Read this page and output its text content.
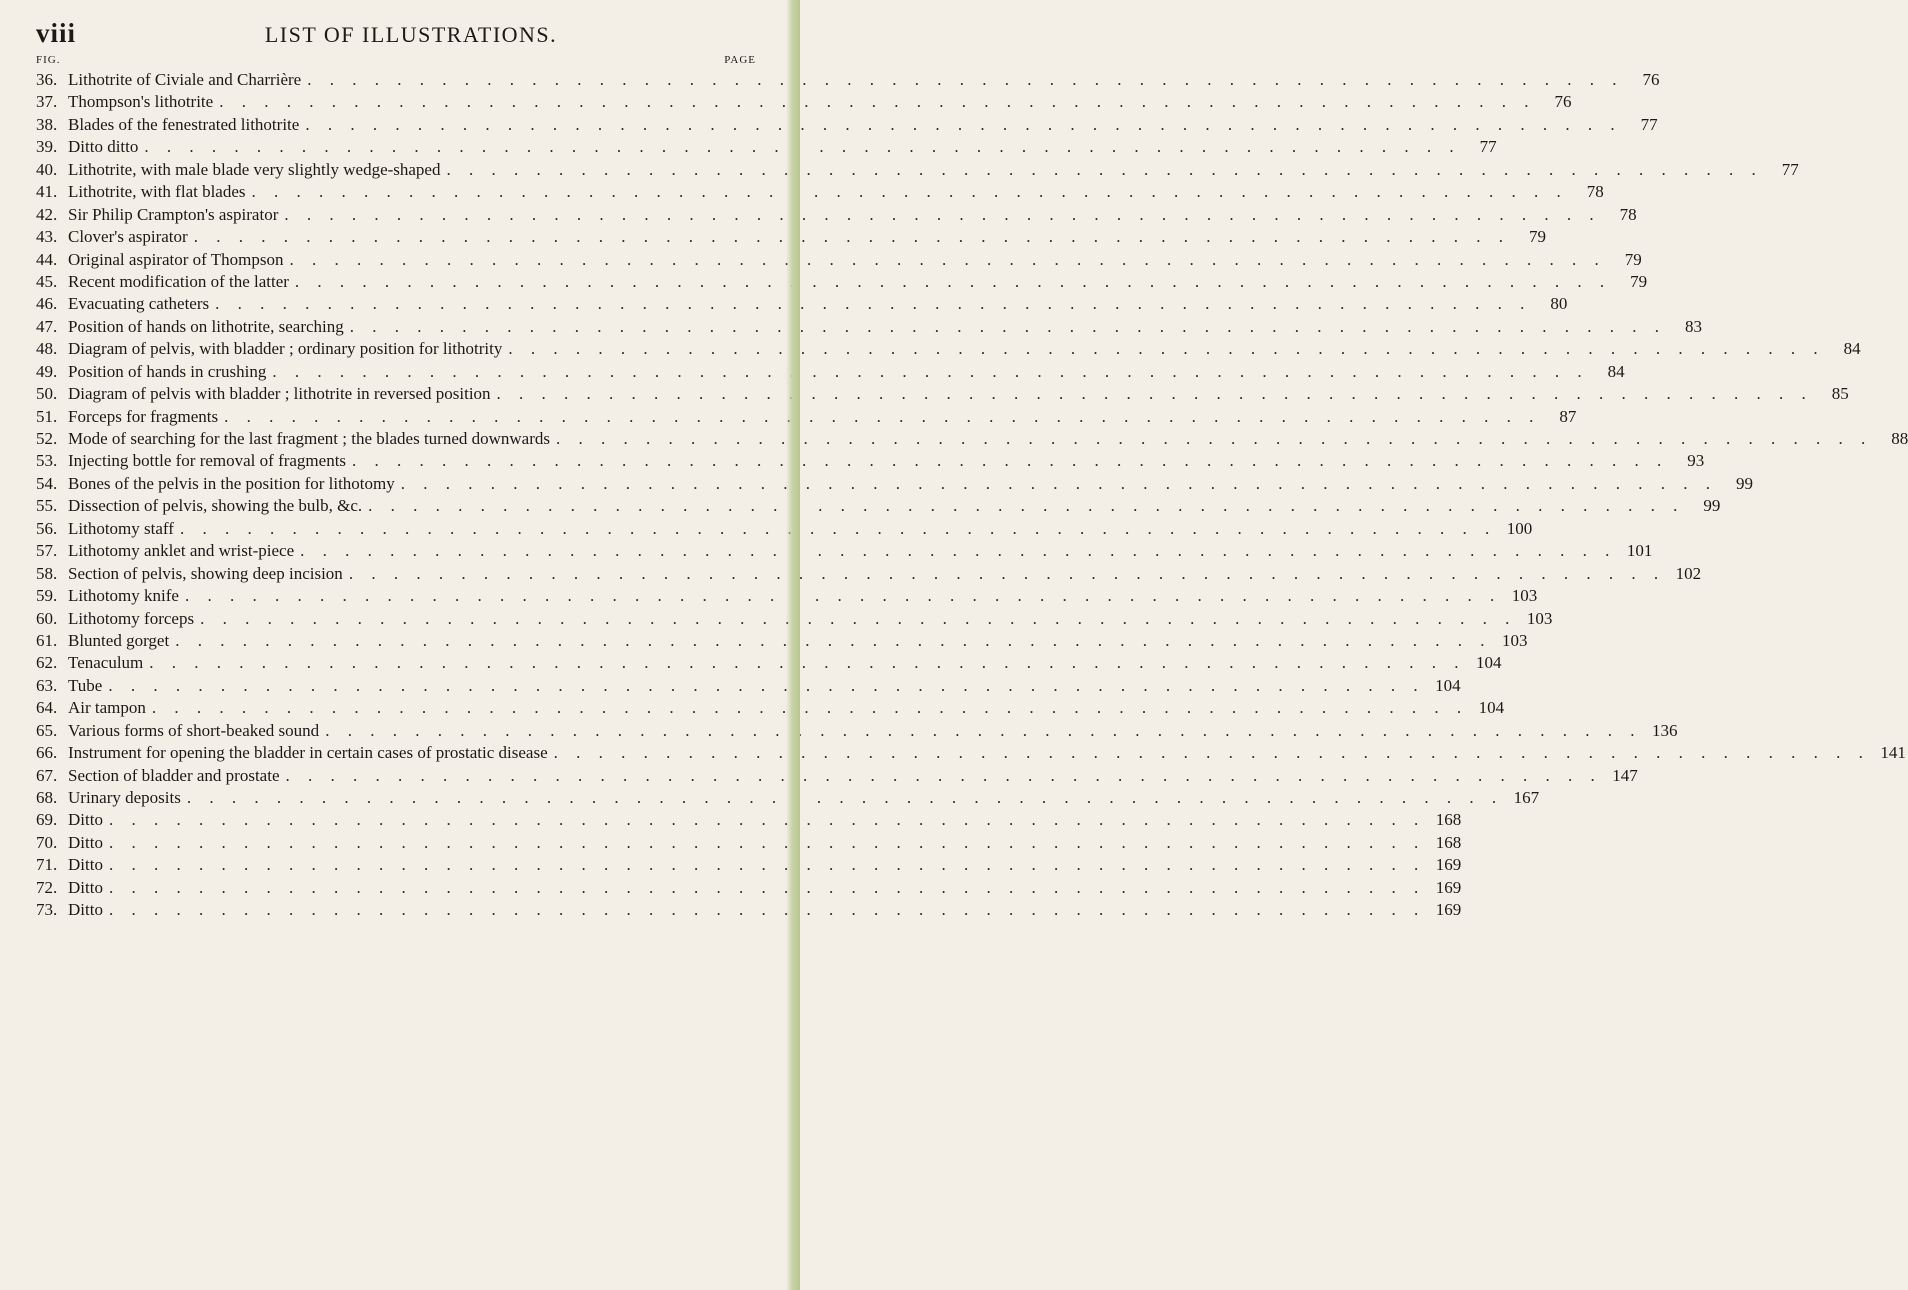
viii	LIST OF ILLUSTRATIONS.
FIG.	PAGE
36. Lithotrite of Civiale and Charrière . . .	76
37. Thompson's lithotrite . . .	76
38. Blades of the fenestrated lithotrite . . .	77
39. Ditto ditto . . .	77
40. Lithotrite, with male blade very slightly wedge-shaped . . .	77
41. Lithotrite, with flat blades . . .	78
42. Sir Philip Crampton's aspirator . . .	78
43. Clover's aspirator . . .	79
44. Original aspirator of Thompson . . .	79
45. Recent modification of the latter . . .	79
46. Evacuating catheters . . .	80
47. Position of hands on lithotrite, searching . . .	83
48. Diagram of pelvis, with bladder ; ordinary position for lithotrity . . .	84
49. Position of hands in crushing . . .	84
50. Diagram of pelvis with bladder ; lithotrite in reversed position . . .	85
51. Forceps for fragments . . .	87
52. Mode of searching for the last fragment ; the blades turned downwards . . .	88
53. Injecting bottle for removal of fragments . . .	93
54. Bones of the pelvis in the position for lithotomy . . .	99
55. Dissection of pelvis, showing the bulb, &c. . . .	99
56. Lithotomy staff . . .	100
57. Lithotomy anklet and wrist-piece . . .	101
58. Section of pelvis, showing deep incision . . .	102
59. Lithotomy knife . . .	103
60. Lithotomy forceps . . .	103
61. Blunted gorget . . .	103
62. Tenaculum . . .	104
63. Tube . . .	104
64. Air tampon . . .	104
65. Various forms of short-beaked sound . . .	136
66. Instrument for opening the bladder in certain cases of prostatic disease . . .	141
67. Section of bladder and prostate . . .	147
68. Urinary deposits . . .	167
69. Ditto . . .	168
70. Ditto . . .	168
71. Ditto . . .	169
72. Ditto . . .	169
73. Ditto . . .	169
